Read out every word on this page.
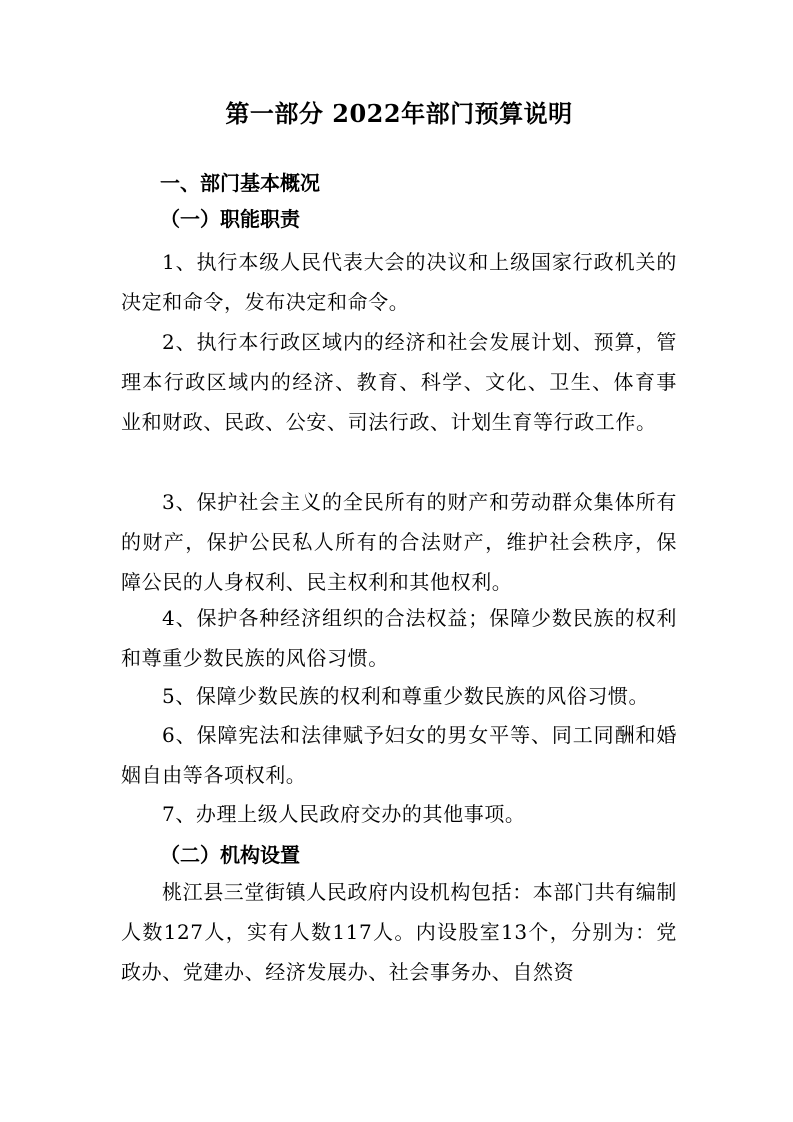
第一部分 2022年部门预算说明
一、部门基本概况
（一）职能职责
1、执行本级人民代表大会的决议和上级国家行政机关的决定和命令，发布决定和命令。
2、执行本行政区域内的经济和社会发展计划、预算，管理本行政区域内的经济、教育、科学、文化、卫生、体育事业和财政、民政、公安、司法行政、计划生育等行政工作。
3、保护社会主义的全民所有的财产和劳动群众集体所有的财产，保护公民私人所有的合法财产，维护社会秩序，保障公民的人身权利、民主权利和其他权利。
4、保护各种经济组织的合法权益；保障少数民族的权利和尊重少数民族的风俗习惯。
5、保障少数民族的权利和尊重少数民族的风俗习惯。
6、保障宪法和法律赋予妇女的男女平等、同工同酬和婚姻自由等各项权利。
7、办理上级人民政府交办的其他事项。
（二）机构设置
桃江县三堂街镇人民政府内设机构包括：本部门共有编制人数127人，实有人数117人。内设股室13个，分别为：党政办、党建办、经济发展办、社会事务办、自然资
